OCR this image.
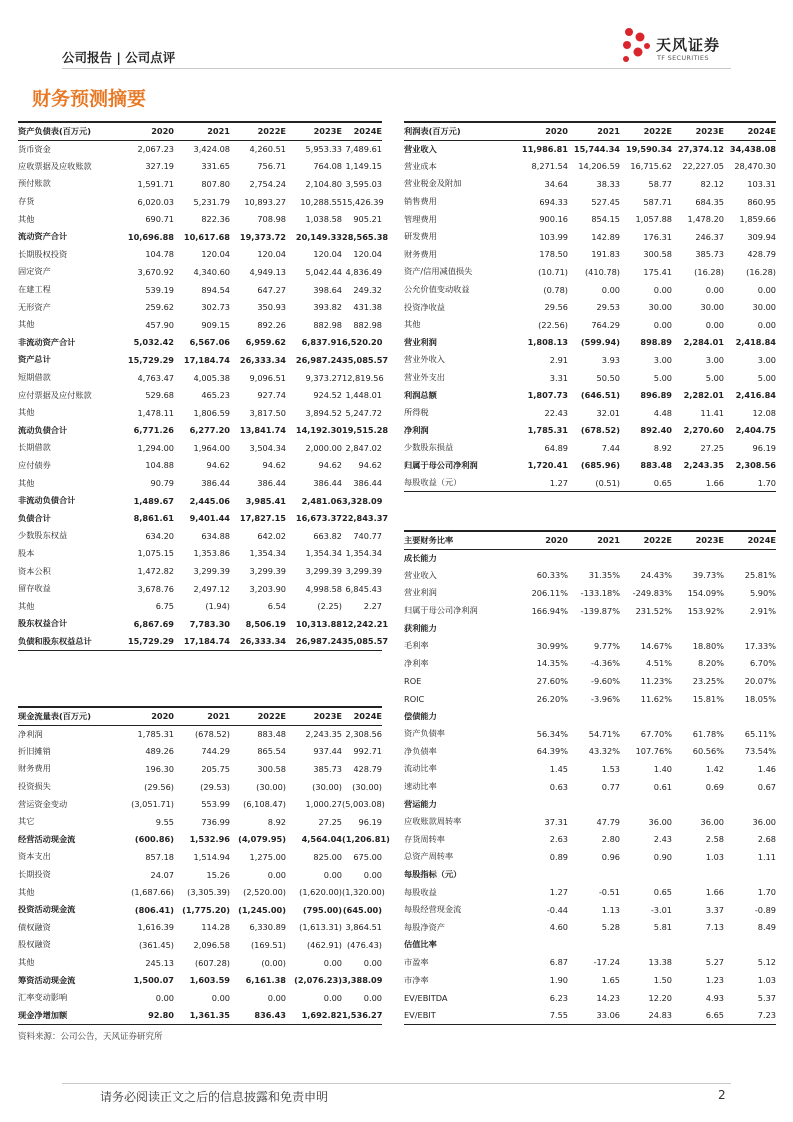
公司报告 | 公司点评
天风证券
TF SECURITIES
财务预测摘要
资产负债表(百万元)	2020	2021	2022E	2023E	2024E
货币资金	2,067.23	3,424.08	4,260.51	5,953.33	7,489.61
应收票据及应收账款	327.19	331.65	756.71	764.08	1,149.15
预付账款	1,591.71	807.80	2,754.24	2,104.80	3,595.03
存货	6,020.03	5,231.79	10,893.27	10,288.55	15,426.39
其他	690.71	822.36	708.98	1,038.58	905.21
流动资产合计	10,696.88	10,617.68	19,373.72	20,149.33	28,565.38
长期股权投资	104.78	120.04	120.04	120.04	120.04
固定资产	3,670.92	4,340.60	4,949.13	5,042.44	4,836.49
在建工程	539.19	894.54	647.27	398.64	249.32
无形资产	259.62	302.73	350.93	393.82	431.38
其他	457.90	909.15	892.26	882.98	882.98
非流动资产合计	5,032.42	6,567.06	6,959.62	6,837.91	6,520.20
资产总计	15,729.29	17,184.74	26,333.34	26,987.24	35,085.57
短期借款	4,763.47	4,005.38	9,096.51	9,373.27	12,819.56
应付票据及应付账款	529.68	465.23	927.74	924.52	1,448.01
其他	1,478.11	1,806.59	3,817.50	3,894.52	5,247.72
流动负债合计	6,771.26	6,277.20	13,841.74	14,192.30	19,515.28
长期借款	1,294.00	1,964.00	3,504.34	2,000.00	2,847.02
应付债券	104.88	94.62	94.62	94.62	94.62
其他	90.79	386.44	386.44	386.44	386.44
非流动负债合计	1,489.67	2,445.06	3,985.41	2,481.06	3,328.09
负债合计	8,861.61	9,401.44	17,827.15	16,673.37	22,843.37
少数股东权益	634.20	634.88	642.02	663.82	740.77
股本	1,075.15	1,353.86	1,354.34	1,354.34	1,354.34
资本公积	1,472.82	3,299.39	3,299.39	3,299.39	3,299.39
留存收益	3,678.76	2,497.12	3,203.90	4,998.58	6,845.43
其他	6.75	(1.94)	6.54	(2.25)	2.27
股东权益合计	6,867.69	7,783.30	8,506.19	10,313.88	12,242.21
负债和股东权益总计	15,729.29	17,184.74	26,333.34	26,987.24	35,085.57
利润表(百万元)	2020	2021	2022E	2023E	2024E
营业收入	11,986.81	15,744.34	19,590.34	27,374.12	34,438.08
营业成本	8,271.54	14,206.59	16,715.62	22,227.05	28,470.30
营业税金及附加	34.64	38.33	58.77	82.12	103.31
销售费用	694.33	527.45	587.71	684.35	860.95
管理费用	900.16	854.15	1,057.88	1,478.20	1,859.66
研发费用	103.99	142.89	176.31	246.37	309.94
财务费用	178.50	191.83	300.58	385.73	428.79
资产/信用减值损失	(10.71)	(410.78)	175.41	(16.28)	(16.28)
公允价值变动收益	(0.78)	0.00	0.00	0.00	0.00
投资净收益	29.56	29.53	30.00	30.00	30.00
其他	(22.56)	764.29	0.00	0.00	0.00
营业利润	1,808.13	(599.94)	898.89	2,284.01	2,418.84
营业外收入	2.91	3.93	3.00	3.00	3.00
营业外支出	3.31	50.50	5.00	5.00	5.00
利润总额	1,807.73	(646.51)	896.89	2,282.01	2,416.84
所得税	22.43	32.01	4.48	11.41	12.08
净利润	1,785.31	(678.52)	892.40	2,270.60	2,404.75
少数股东损益	64.89	7.44	8.92	27.25	96.19
归属于母公司净利润	1,720.41	(685.96)	883.48	2,243.35	2,308.56
每股收益（元）	1.27	(0.51)	0.65	1.66	1.70
现金流量表(百万元)	2020	2021	2022E	2023E	2024E
净利润	1,785.31	(678.52)	883.48	2,243.35	2,308.56
折旧摊销	489.26	744.29	865.54	937.44	992.71
财务费用	196.30	205.75	300.58	385.73	428.79
投资损失	(29.56)	(29.53)	(30.00)	(30.00)	(30.00)
营运资金变动	(3,051.71)	553.99	(6,108.47)	1,000.27	(5,003.08)
其它	9.55	736.99	8.92	27.25	96.19
经营活动现金流	(600.86)	1,532.96	(4,079.95)	4,564.04	(1,206.81)
资本支出	857.18	1,514.94	1,275.00	825.00	675.00
长期投资	24.07	15.26	0.00	0.00	0.00
其他	(1,687.66)	(3,305.39)	(2,520.00)	(1,620.00)	(1,320.00)
投资活动现金流	(806.41)	(1,775.20)	(1,245.00)	(795.00)	(645.00)
债权融资	1,616.39	114.28	6,330.89	(1,613.31)	3,864.51
股权融资	(361.45)	2,096.58	(169.51)	(462.91)	(476.43)
其他	245.13	(607.28)	(0.00)	0.00	0.00
筹资活动现金流	1,500.07	1,603.59	6,161.38	(2,076.23)	3,388.09
汇率变动影响	0.00	0.00	0.00	0.00	0.00
现金净增加额	92.80	1,361.35	836.43	1,692.82	1,536.27
主要财务比率	2020	2021	2022E	2023E	2024E
成长能力					
营业收入	60.33%	31.35%	24.43%	39.73%	25.81%
营业利润	206.11%	-133.18%	-249.83%	154.09%	5.90%
归属于母公司净利润	166.94%	-139.87%	231.52%	153.92%	2.91%
获利能力					
毛利率	30.99%	9.77%	14.67%	18.80%	17.33%
净利率	14.35%	-4.36%	4.51%	8.20%	6.70%
ROE	27.60%	-9.60%	11.23%	23.25%	20.07%
ROIC	26.20%	-3.96%	11.62%	15.81%	18.05%
偿债能力					
资产负债率	56.34%	54.71%	67.70%	61.78%	65.11%
净负债率	64.39%	43.32%	107.76%	60.56%	73.54%
流动比率	1.45	1.53	1.40	1.42	1.46
速动比率	0.63	0.77	0.61	0.69	0.67
营运能力					
应收账款周转率	37.31	47.79	36.00	36.00	36.00
存货周转率	2.63	2.80	2.43	2.58	2.68
总资产周转率	0.89	0.96	0.90	1.03	1.11
每股指标（元）					
每股收益	1.27	-0.51	0.65	1.66	1.70
每股经营现金流	-0.44	1.13	-3.01	3.37	-0.89
每股净资产	4.60	5.28	5.81	7.13	8.49
估值比率					
市盈率	6.87	-17.24	13.38	5.27	5.12
市净率	1.90	1.65	1.50	1.23	1.03
EV/EBITDA	6.23	14.23	12.20	4.93	5.37
EV/EBIT	7.55	33.06	24.83	6.65	7.23
资料来源：公司公告，天风证券研究所
请务必阅读正文之后的信息披露和免责申明	2
